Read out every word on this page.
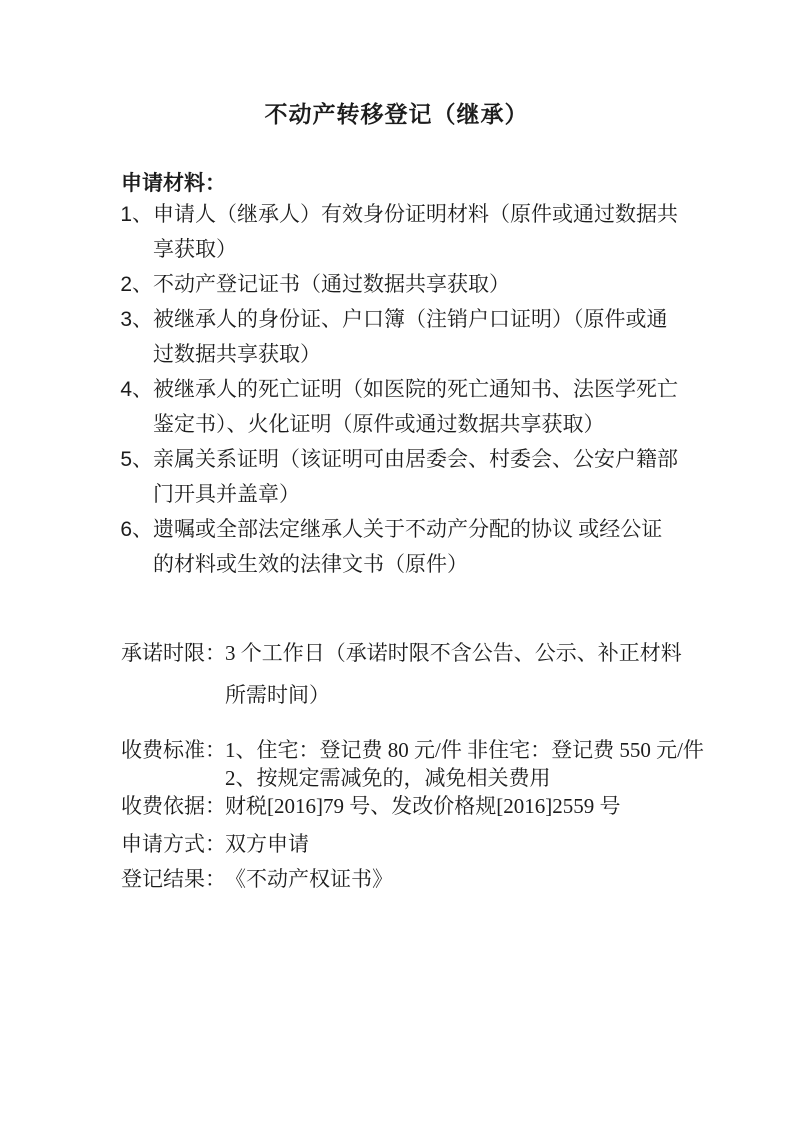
不动产转移登记（继承）
申请材料：
1、 申请人（继承人）有效身份证明材料（原件或通过数据共
享获取）
2、 不动产登记证书（通过数据共享获取）
3、 被继承人的身份证、户口簿（注销户口证明）（原件或通
过数据共享获取）
4、 被继承人的死亡证明（如医院的死亡通知书、法医学死亡
鉴定书）、火化证明（原件或通过数据共享获取）
5、 亲属关系证明（该证明可由居委会、村委会、公安户籍部
门开具并盖章）
6、 遗嘱或全部法定继承人关于不动产分配的协议 或经公证
的材料或生效的法律文书（原件）
承诺时限： 3 个工作日（承诺时限不含公告、公示、补正材料
所需时间）
收费标准： 1、住宅：登记费 80 元/件 非住宅：登记费 550 元/件
2、按规定需减免的，减免相关费用
收费依据： 财税[2016]79 号、发改价格规[2016]2559 号
申请方式： 双方申请
登记结果： 《不动产权证书》
